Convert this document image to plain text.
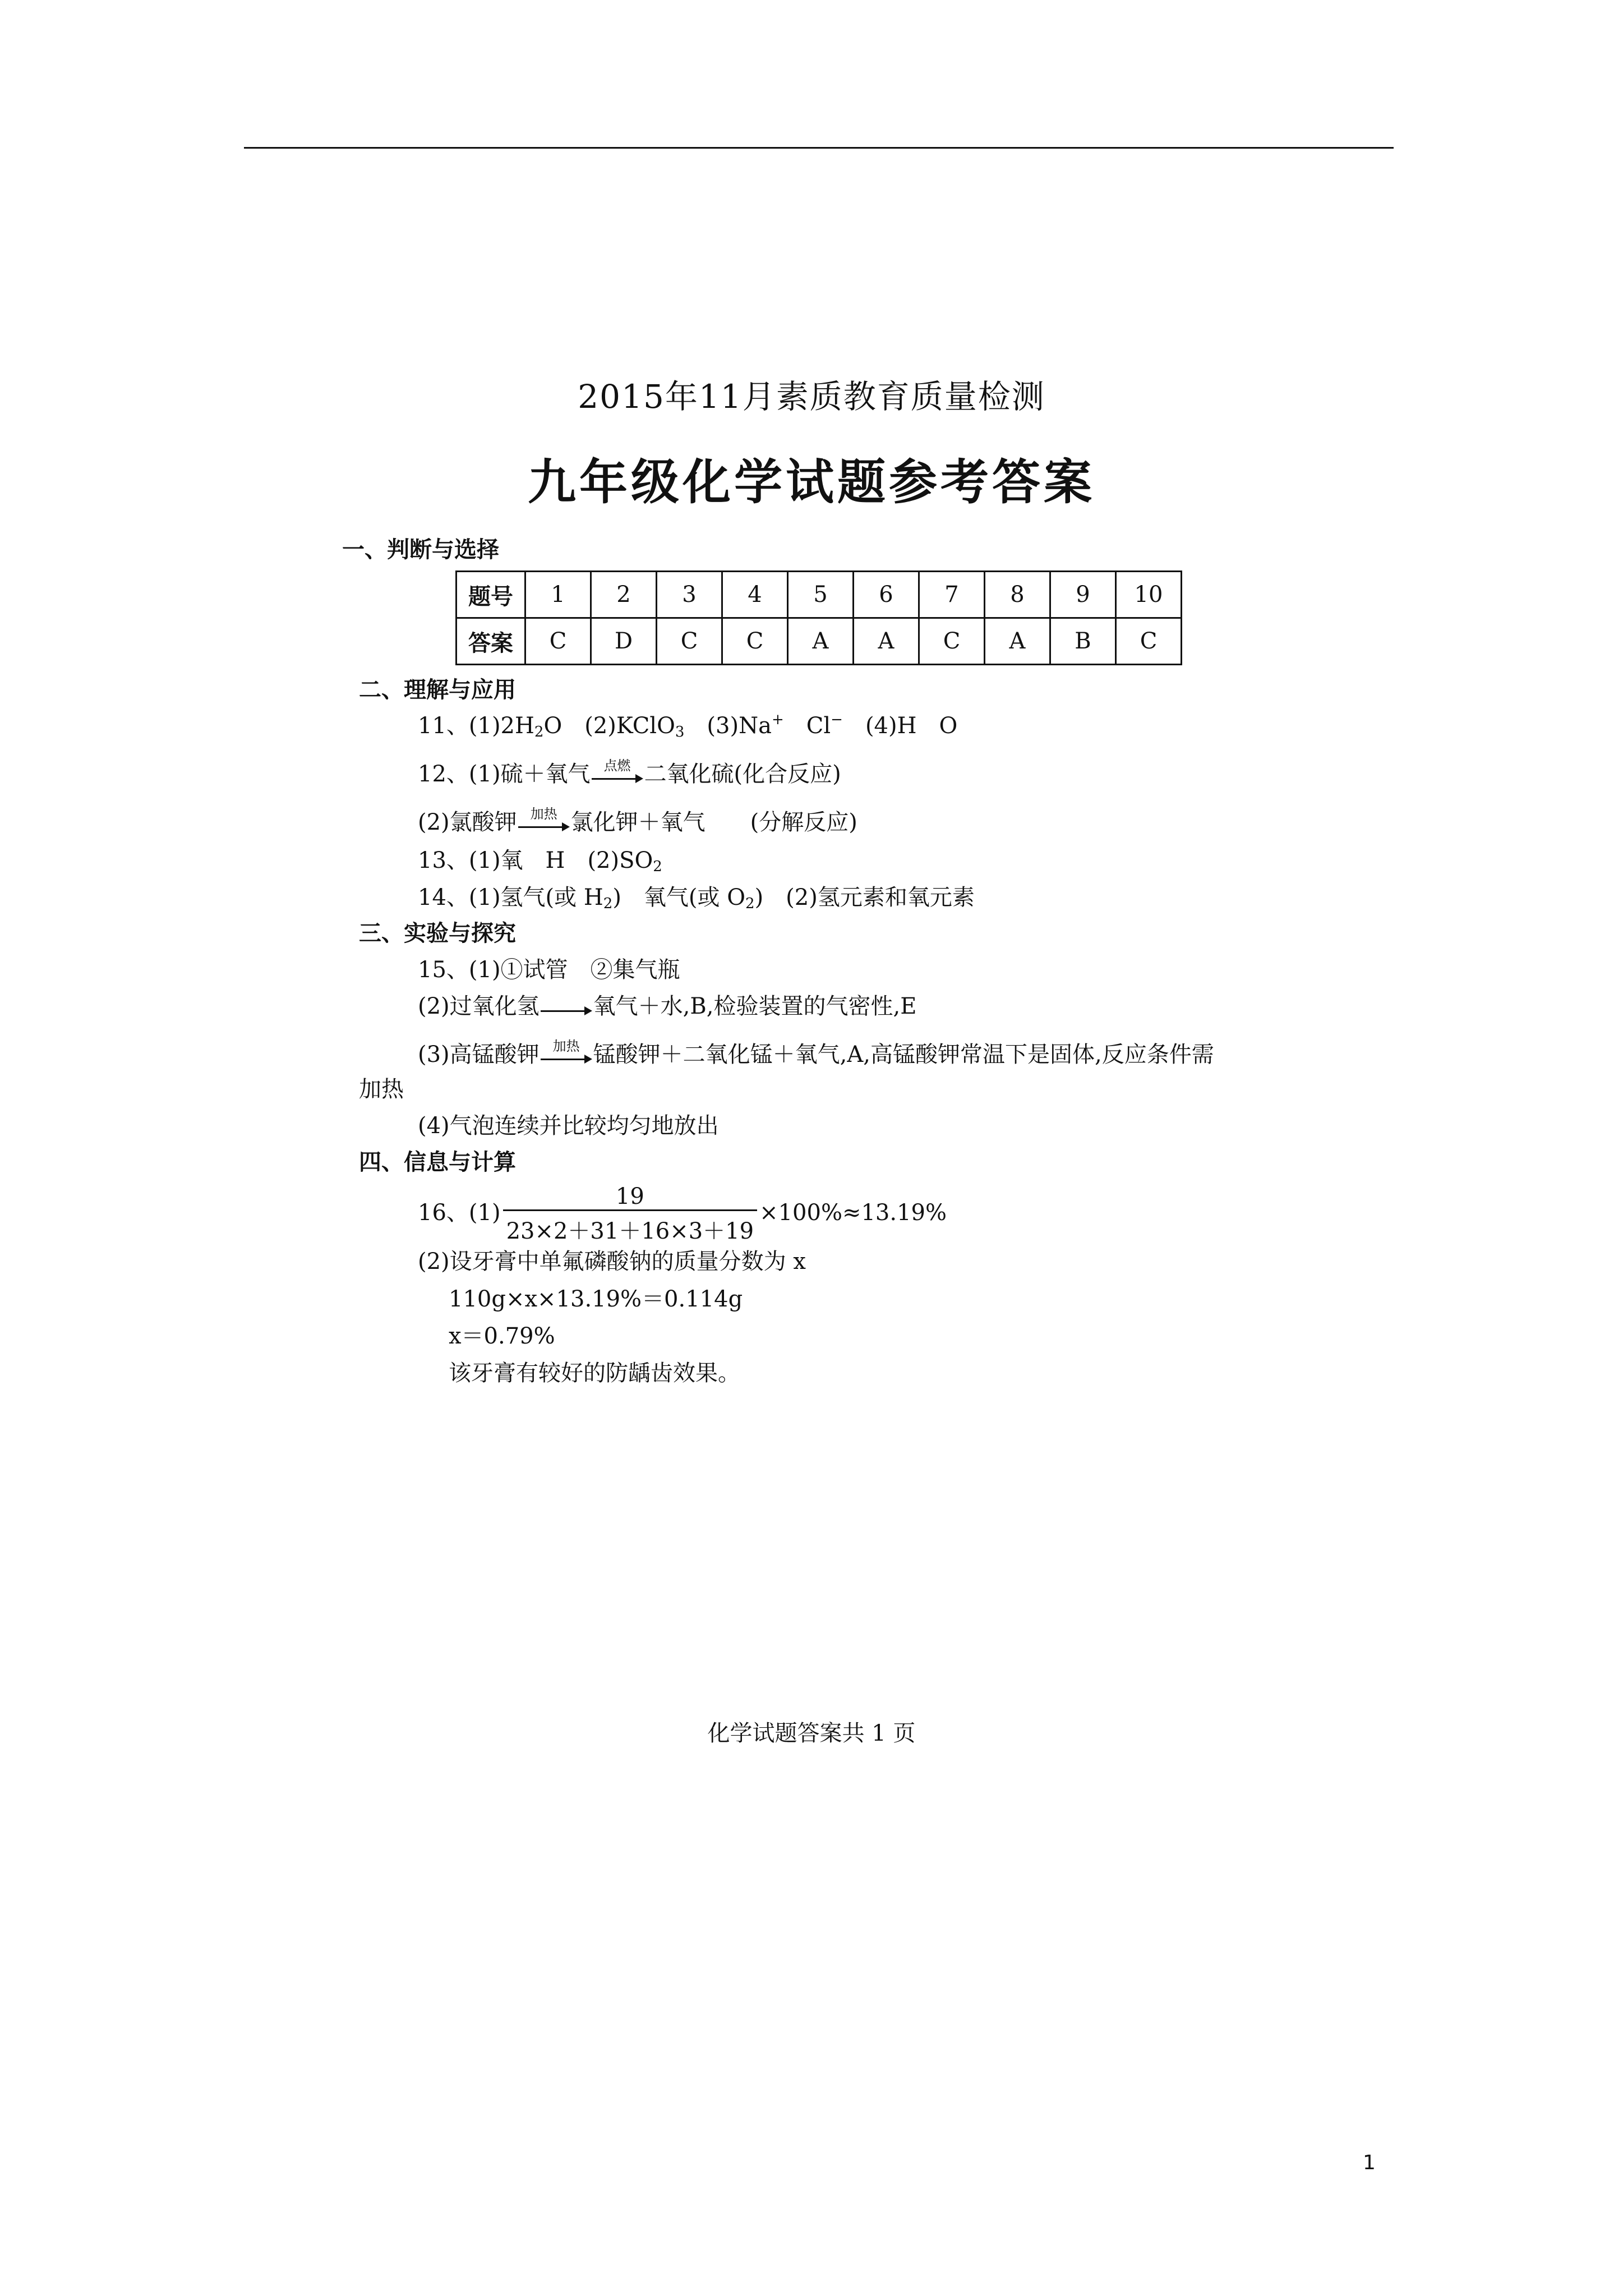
2015年11月素质教育质量检测
九年级化学试题参考答案
一、判断与选择
题号	1	2	3	4	5	6	7	8	9	10
答案	C	D	C	C	A	A	C	A	B	C
二、理解与应用
11、$(1)2H_2O$　(2)KClO$_3$　(3)Na+　Cl−　(4)H　O
12、(1)硫＋氧气	点燃 二氧化硫(化合反应)
(2)氯酸钾	加热 氯化钾＋氧气　　(分解反应)
13、(1)氧　H　$(2)SO_2$
14、(1)氢气(或 $H_2$)　氧气(或 $O_2$)　(2)氢元素和氧元素
三、实验与探究
15、(1)①试管　②集气瓶
(2)过氧化氢 氧气＋水,B,检验装置的气密性,E
(3)高锰酸钾	加热 锰酸钾＋二氧化锰＋氧气,A,高锰酸钾常温下是固体,反应条件需
加热
(4)气泡连续并比较均匀地放出
四、信息与计算
16、$(1) \frac{19}{23\times 2+31+16\times 3+19} \times 100\%\approx 13.19\%$
(2)设牙膏中单氟磷酸钠的质量分数为 x
110g×x×13.19%＝0.114g
x＝0.79%
该牙膏有较好的防龋齿效果。
化学试题答案共 1 页
1
